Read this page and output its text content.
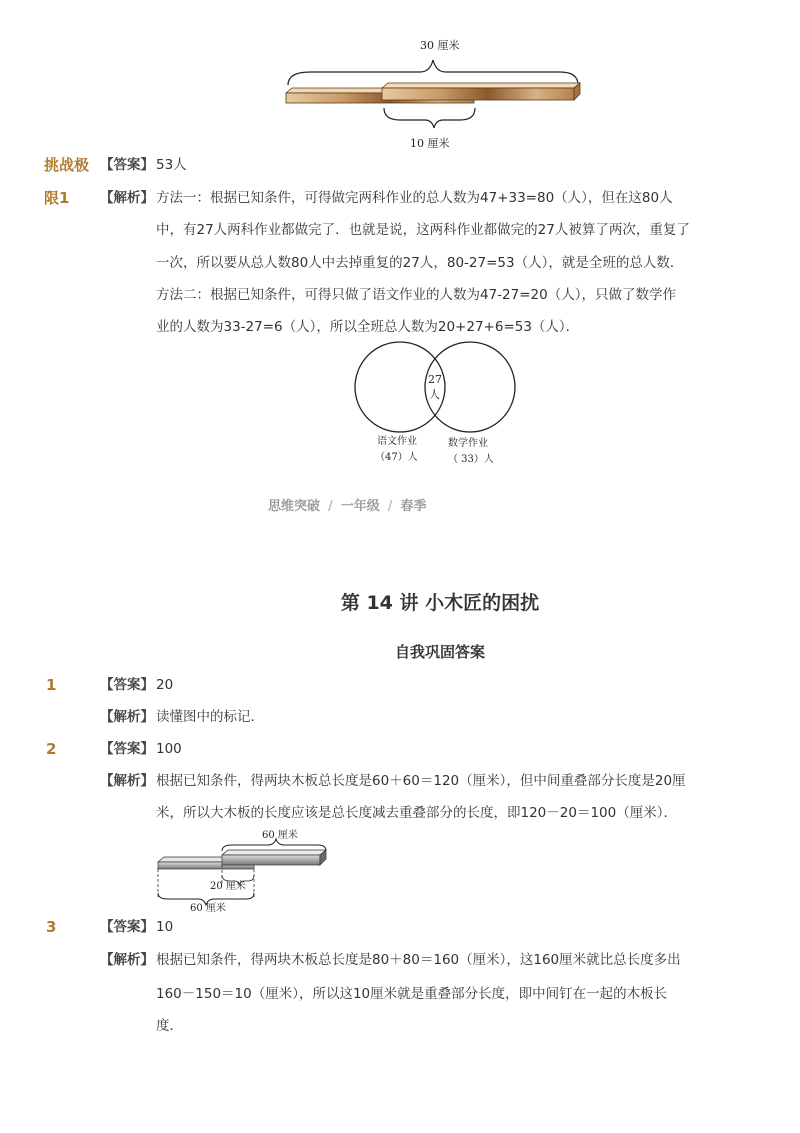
30 厘米
10 厘米
挑战极
限1
【答案】 53人
【解析】 方法一：根据已知条件，可得做完两科作业的总人数为47+33=80（人），但在这80人
中，有27人两科作业都做完了．也就是说，这两科作业都做完的27人被算了两次，重复了
一次，所以要从总人数80人中去掉重复的27人，80-27=53（人），就是全班的总人数．
方法二：根据已知条件，可得只做了语文作业的人数为47-27=20（人），只做了数学作
业的人数为33-27=6（人），所以全班总人数为20+27+6=53（人）．
27
人
语文作业
（47）人
数学作业
（ 33）人
思维突破 / 一年级 / 春季
第 14 讲 小木匠的困扰
自我巩固答案
1	【答案】 20
【解析】 读懂图中的标记．
2	【答案】 100
【解析】 根据已知条件，得两块木板总长度是60＋60＝120（厘米），但中间重叠部分长度是20厘
米，所以大木板的长度应该是总长度减去重叠部分的长度，即120－20＝100（厘米）．
60 厘米
20 厘米
60 厘米
3	【答案】 10
【解析】 根据已知条件，得两块木板总长度是80＋80＝160（厘米），这160厘米就比总长度多出
160－150＝10（厘米），所以这10厘米就是重叠部分长度，即中间钉在一起的木板长
度．
